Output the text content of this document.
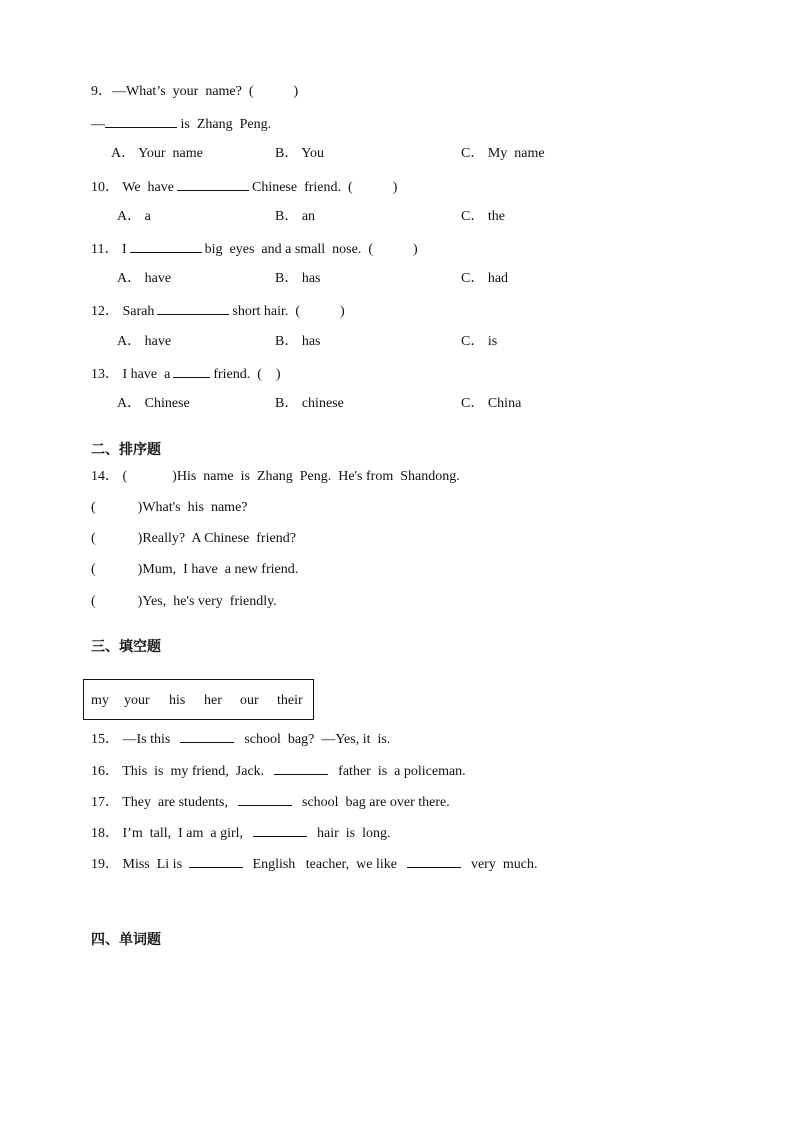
9．—What’s  your  name?  (	)
—	is  Zhang  Peng.
A． Your  name	B． You	C． My  name
10． We  have	Chinese  friend.  (	)
A． a	B． an	C． the
11． I	big  eyes  and a small  nose.  (	)
A． have	B． has	C． had
12． Sarah	short hair.  (	)
A． have	B． has	C． is
13． I have  a	friend.  ( )
A． Chinese	B． chinese	C． China
二、排序题
14． (	)His  name  is  Zhang  Peng.  He's from  Shandong.
(	)What's  his  name?
(	)Really?  A Chinese  friend?
(	)Mum,  I have  a new friend.
(	)Yes,  he's very  friendly.
三、填空题
my your his her our their
15． —Is this	school  bag?  —Yes, it  is.
16． This  is  my friend,  Jack.	father  is  a policeman.
17． They  are students,	school  bag are over there.
18． I’m  tall,  I am  a girl,	hair  is  long.
19． Miss  Li is	English   teacher,  we like	very  much.
四、单词题
